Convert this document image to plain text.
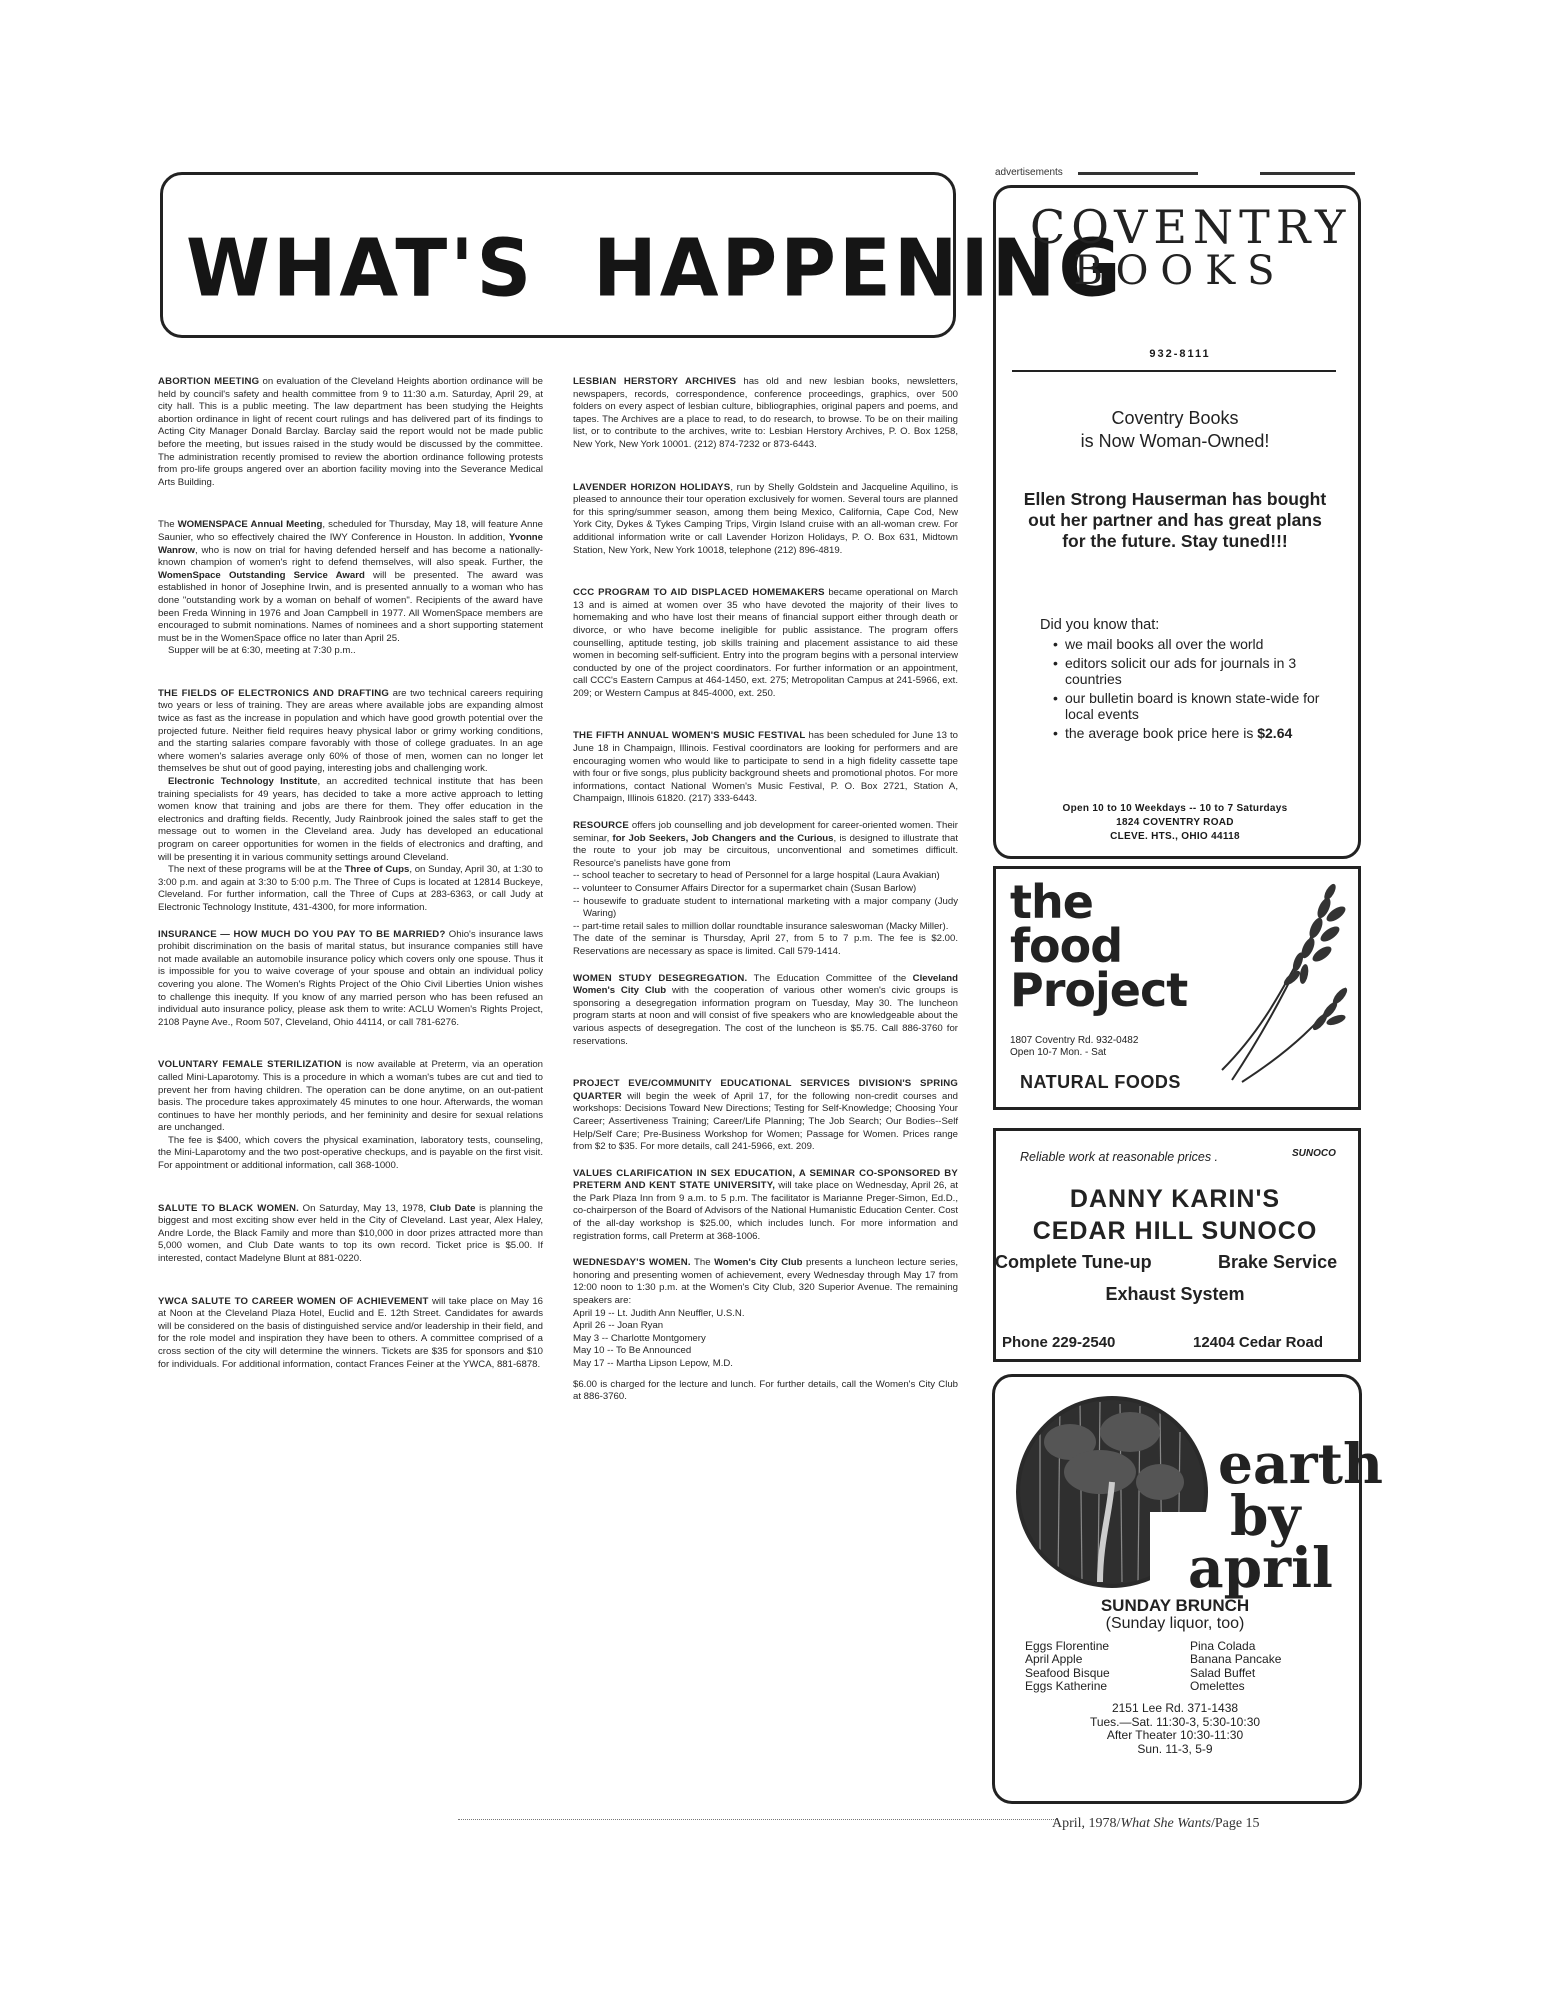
WHAT'S  HAPPENING

ABORTION MEETING on evaluation of the Cleveland Heights abortion ordinance will be held by council's safety and health committee from 9 to 11:30 a.m. Saturday, April 29, at city hall. This is a public meeting. The law department has been studying the Heights abortion ordinance in light of recent court rulings and has delivered part of its findings to Acting City Manager Donald Barclay. Barclay said the report would not be made public before the meeting, but issues raised in the study would be discussed by the committee. The administration recently promised to review the abortion ordinance following protests from pro-life groups angered over an abortion facility moving into the Severance Medical Arts Building.

The WOMENSPACE Annual Meeting, scheduled for Thursday, May 18, will feature Anne Saunier, who so effectively chaired the IWY Conference in Houston. In addition, Yvonne Wanrow, who is now on trial for having defended herself and has become a nationally-known champion of women's right to defend themselves, will also speak. Further, the WomenSpace Outstanding Service Award will be presented. The award was established in honor of Josephine Irwin, and is presented annually to a woman who has done "outstanding work by a woman on behalf of women". Recipients of the award have been Freda Winning in 1976 and Joan Campbell in 1977. All WomenSpace members are encouraged to submit nominations. Names of nominees and a short supporting statement must be in the WomenSpace office no later than April 25.

Supper will be at 6:30, meeting at 7:30 p.m..

THE FIELDS OF ELECTRONICS AND DRAFTING are two technical careers requiring two years or less of training. They are areas where available jobs are expanding almost twice as fast as the increase in population and which have good growth potential over the projected future. Neither field requires heavy physical labor or grimy working conditions, and the starting salaries compare favorably with those of college graduates. In an age where women's salaries average only 60% of those of men, women can no longer let themselves be shut out of good paying, interesting jobs and challenging work.

Electronic Technology Institute, an accredited technical institute that has been training specialists for 49 years, has decided to take a more active approach to letting women know that training and jobs are there for them. They offer education in the electronics and drafting fields. Recently, Judy Rainbrook joined the sales staff to get the message out to women in the Cleveland area. Judy has developed an educational program on career opportunities for women in the fields of electronics and drafting, and will be presenting it in various community settings around Cleveland.

The next of these programs will be at the Three of Cups, on Sunday, April 30, at 1:30 to 3:00 p.m. and again at 3:30 to 5:00 p.m. The Three of Cups is located at 12814 Buckeye, Cleveland. For further information, call the Three of Cups at 283-6363, or call Judy at Electronic Technology Institute, 431-4300, for more information.

INSURANCE — HOW MUCH DO YOU PAY TO BE MARRIED? Ohio's insurance laws prohibit discrimination on the basis of marital status, but insurance companies still have not made available an automobile insurance policy which covers only one spouse. Thus it is impossible for you to waive coverage of your spouse and obtain an individual policy covering you alone. The Women's Rights Project of the Ohio Civil Liberties Union wishes to challenge this inequity. If you know of any married person who has been refused an individual auto insurance policy, please ask them to write: ACLU Women's Rights Project, 2108 Payne Ave., Room 507, Cleveland, Ohio 44114, or call 781-6276.

VOLUNTARY FEMALE STERILIZATION is now available at Preterm, via an operation called Mini-Laparotomy. This is a procedure in which a woman's tubes are cut and tied to prevent her from having children. The operation can be done anytime, on an out-patient basis. The procedure takes approximately 45 minutes to one hour. Afterwards, the woman continues to have her monthly periods, and her femininity and desire for sexual relations are unchanged.

The fee is $400, which covers the physical examination, laboratory tests, counseling, the Mini-Laparotomy and the two post-operative checkups, and is payable on the first visit. For appointment or additional information, call 368-1000.

SALUTE TO BLACK WOMEN. On Saturday, May 13, 1978, Club Date is planning the biggest and most exciting show ever held in the City of Cleveland. Last year, Alex Haley, Andre Lorde, the Black Family and more than $10,000 in door prizes attracted more than 5,000 women, and Club Date wants to top its own record. Ticket price is $5.00. If interested, contact Madelyne Blunt at 881-0220.

YWCA SALUTE TO CAREER WOMEN OF ACHIEVEMENT will take place on May 16 at Noon at the Cleveland Plaza Hotel, Euclid and E. 12th Street. Candidates for awards will be considered on the basis of distinguished service and/or leadership in their field, and for the role model and inspiration they have been to others. A committee comprised of a cross section of the city will determine the winners. Tickets are $35 for sponsors and $10 for individuals. For additional information, contact Frances Feiner at the YWCA, 881-6878.

LESBIAN HERSTORY ARCHIVES has old and new lesbian books, newsletters, newspapers, records, correspondence, conference proceedings, graphics, over 500 folders on every aspect of lesbian culture, bibliographies, original papers and poems, and tapes. The Archives are a place to read, to do research, to browse. To be on their mailing list, or to contribute to the archives, write to: Lesbian Herstory Archives, P. O. Box 1258, New York, New York 10001. (212) 874-7232 or 873-6443.

LAVENDER HORIZON HOLIDAYS, run by Shelly Goldstein and Jacqueline Aquilino, is pleased to announce their tour operation exclusively for women. Several tours are planned for this spring/summer season, among them being Mexico, California, Cape Cod, New York City, Dykes & Tykes Camping Trips, Virgin Island cruise with an all-woman crew. For additional information write or call Lavender Horizon Holidays, P. O. Box 631, Midtown Station, New York, New York 10018, telephone (212) 896-4819.

CCC PROGRAM TO AID DISPLACED HOMEMAKERS became operational on March 13 and is aimed at women over 35 who have devoted the majority of their lives to homemaking and who have lost their means of financial support either through death or divorce, or who have become ineligible for public assistance. The program offers counselling, aptitude testing, job skills training and placement assistance to aid these women in becoming self-sufficient. Entry into the program begins with a personal interview conducted by one of the project coordinators. For further information or an appointment, call CCC's Eastern Campus at 464-1450, ext. 275; Metropolitan Campus at 241-5966, ext. 209; or Western Campus at 845-4000, ext. 250.

THE FIFTH ANNUAL WOMEN'S MUSIC FESTIVAL has been scheduled for June 13 to June 18 in Champaign, Illinois. Festival coordinators are looking for performers and are encouraging women who would like to participate to send in a high fidelity cassette tape with four or five songs, plus publicity background sheets and promotional photos. For more informations, contact National Women's Music Festival, P. O. Box 2721, Station A, Champaign, Illinois 61820. (217) 333-6443.

RESOURCE offers job counselling and job development for career-oriented women. Their seminar, for Job Seekers, Job Changers and the Curious, is designed to illustrate that the route to your job may be circuitous, unconventional and sometimes difficult. Resource's panelists have gone from

-- school teacher to secretary to head of Personnel for a large hospital (Laura Avakian)
-- volunteer to Consumer Affairs Director for a supermarket chain (Susan Barlow)
-- housewife to graduate student to international marketing with a major company (Judy Waring)
-- part-time retail sales to million dollar roundtable insurance saleswoman (Macky Miller).

The date of the seminar is Thursday, April 27, from 5 to 7 p.m. The fee is $2.00. Reservations are necessary as space is limited. Call 579-1414.

WOMEN STUDY DESEGREGATION. The Education Committee of the Cleveland Women's City Club with the cooperation of various other women's civic groups is sponsoring a desegregation information program on Tuesday, May 30. The luncheon program starts at noon and will consist of five speakers who are knowledgeable about the various aspects of desegregation. The cost of the luncheon is $5.75. Call 886-3760 for reservations.

PROJECT EVE/COMMUNITY EDUCATIONAL SERVICES DIVISION'S SPRING QUARTER will begin the week of April 17, for the following non-credit courses and workshops: Decisions Toward New Directions; Testing for Self-Knowledge; Choosing Your Career; Assertiveness Training; Career/Life Planning; The Job Search; Our Bodies--Self Help/Self Care; Pre-Business Workshop for Women; Passage for Women. Prices range from $2 to $35. For more details, call 241-5966, ext. 209.

VALUES CLARIFICATION IN SEX EDUCATION, A SEMINAR CO-SPONSORED BY PRETERM AND KENT STATE UNIVERSITY, will take place on Wednesday, April 26, at the Park Plaza Inn from 9 a.m. to 5 p.m. The facilitator is Marianne Preger-Simon, Ed.D., co-chairperson of the Board of Advisors of the National Humanistic Education Center. Cost of the all-day workshop is $25.00, which includes lunch. For more information and registration forms, call Preterm at 368-1006.

WEDNESDAY'S WOMEN. The Women's City Club presents a luncheon lecture series, honoring and presenting women of achievement, every Wednesday through May 17 from 12:00 noon to 1:30 p.m. at the Women's City Club, 320 Superior Avenue. The remaining speakers are:

April 19 -- Lt. Judith Ann Neuffler, U.S.N.
April 26 -- Joan Ryan
May 3 -- Charlotte Montgomery
May 10 -- To Be Announced
May 17 -- Martha Lipson Lepow, M.D.

$6.00 is charged for the lecture and lunch. For further details, call the Women's City Club at 886-3760.

April, 1978/What She Wants/Page 15
advertisements
COVENTRY
BOOKS
932-8111
Coventry Books
is Now Woman-Owned!
Ellen Strong Hauserman has bought out her partner and has great plans for the future. Stay tuned!!!
Did you know that:
• we mail books all over the world
• editors solicit our ads for journals in 3 countries
• our bulletin board is known state-wide for local events
• the average book price here is $2.64
Open 10 to 10 Weekdays -- 10 to 7 Saturdays
1824 COVENTRY ROAD
CLEVE. HTS., OHIO 44118
the
food
Project
1807 Coventry Rd. 932-0482
Open 10-7 Mon. - Sat
NATURAL FOODS
Reliable work at reasonable prices .	SUNOCO
DANNY KARIN'S
CEDAR HILL SUNOCO
Complete Tune-up	Brake Service
Exhaust System
Phone 229-2540	12404 Cedar Road
earth
by
april
SUNDAY BRUNCH
(Sunday liquor, too)
Eggs Florentine
April Apple
Seafood Bisque
Eggs Katherine
Pina Colada
Banana Pancake
Salad Buffet
Omelettes
2151 Lee Rd. 371-1438
Tues.—Sat. 11:30-3, 5:30-10:30
After Theater 10:30-11:30
Sun. 11-3, 5-9
